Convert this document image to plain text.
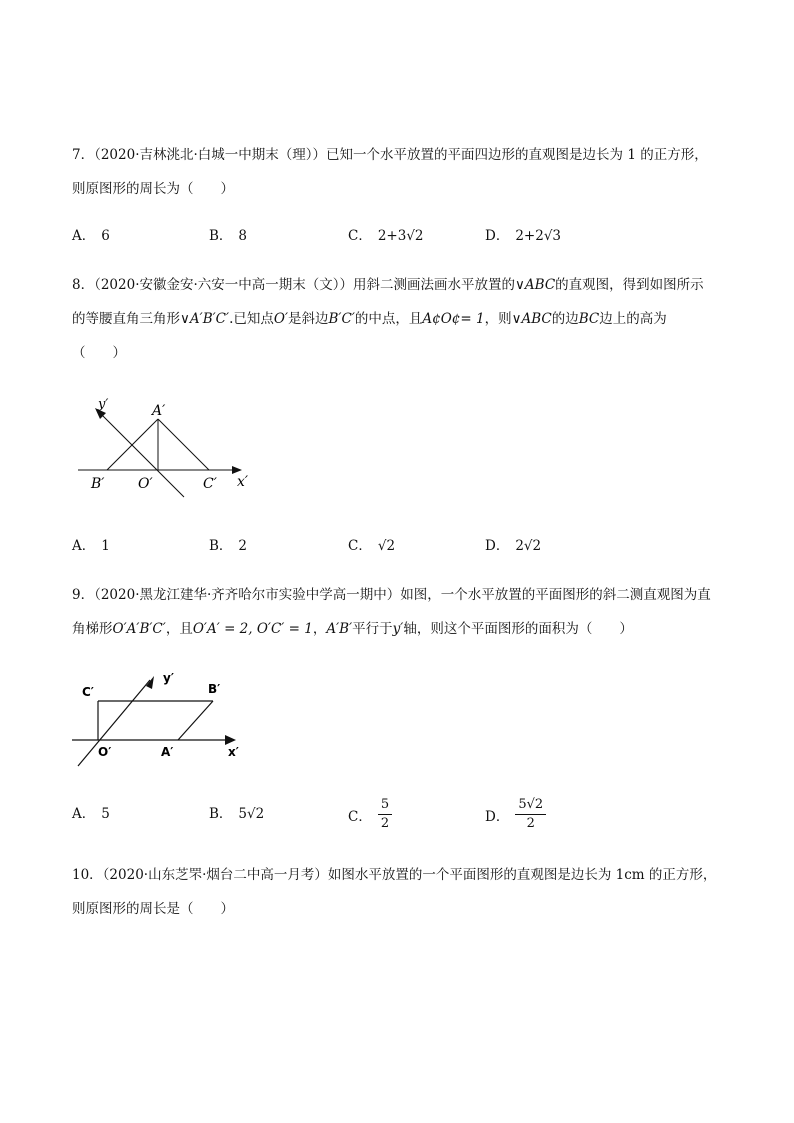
7．（2020·吉林洮北·白城一中期末（理））已知一个水平放置的平面四边形的直观图是边长为 1 的正方形，
则原图形的周长为（　　）
A． 6	B． 8	C． 2+3√2	D． 2+2√3
8．（2020·安徽金安·六安一中高一期末（文））用斜二测画法画水平放置的∨ABC的直观图，得到如图所示
的等腰直角三角形∨A′B′C′.已知点O′是斜边B′C′的中点，且A¢O¢= 1，则∨ABC的边BC边上的高为
（　　）
y′	A′
B′ O′	C′ x′
A． 1	B． 2	C． √2	D． 2√2
9．（2020·黑龙江建华·齐齐哈尔市实验中学高一期中）如图，一个水平放置的平面图形的斜二测直观图为直
角梯形O′A′B′C′，且O′A′ = 2, O′C′ = 1，A′B′平行于y′轴，则这个平面图形的面积为（　　）
C′
y′
B′
O′	A′	x′
A． 5	B． 5√2	C． $\frac{5}{2}$	D． $\frac{5√2}{2}$
10．（2020·山东芝罘·烟台二中高一月考）如图水平放置的一个平面图形的直观图是边长为 1cm 的正方形，
则原图形的周长是（　　）
